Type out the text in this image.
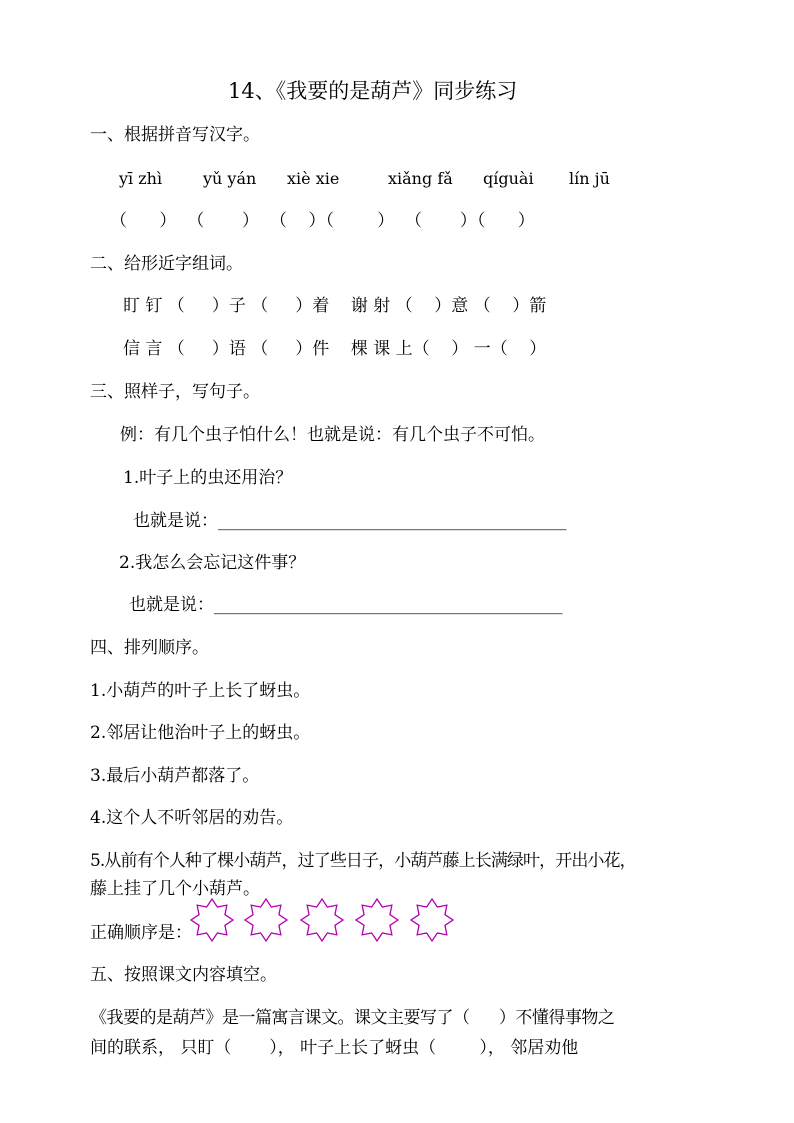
14、《我要的是葫芦》同步练习
一、根据拼音写汉字。
yī zhì	yǔ yán xiè xie	xiǎng fǎ qíguài lín jū
（      ）  （       ）  （    ）（        ）  （       ）（      ）
二、给形近字组词。
盯 钉 （     ）子 （     ）着    谢 射 （    ）意 （    ）箭
信 言 （     ）语 （     ）件    棵 课 上（    ） 一（    ）
三、照样子，写句子。
例：有几个虫子怕什么！也就是说：有几个虫子不可怕。
1.叶子上的虫还用治？
也就是说：_________________________________________
2.我怎么会忘记这件事？
也就是说：_________________________________________
四、排列顺序。
1.小葫芦的叶子上长了蚜虫。
2.邻居让他治叶子上的蚜虫。
3.最后小葫芦都落了。
4.这个人不听邻居的劝告。
5.从前有个人种了棵小葫芦，过了些日子，小葫芦藤上长满绿叶，开出小花，
藤上挂了几个小葫芦。
正确顺序是：
五、按照课文内容填空。
《我要的是葫芦》是一篇寓言课文。课文主要写了（      ）不懂得事物之
间的联系， 只盯（       ）， 叶子上长了蚜虫（        ）， 邻居劝他
